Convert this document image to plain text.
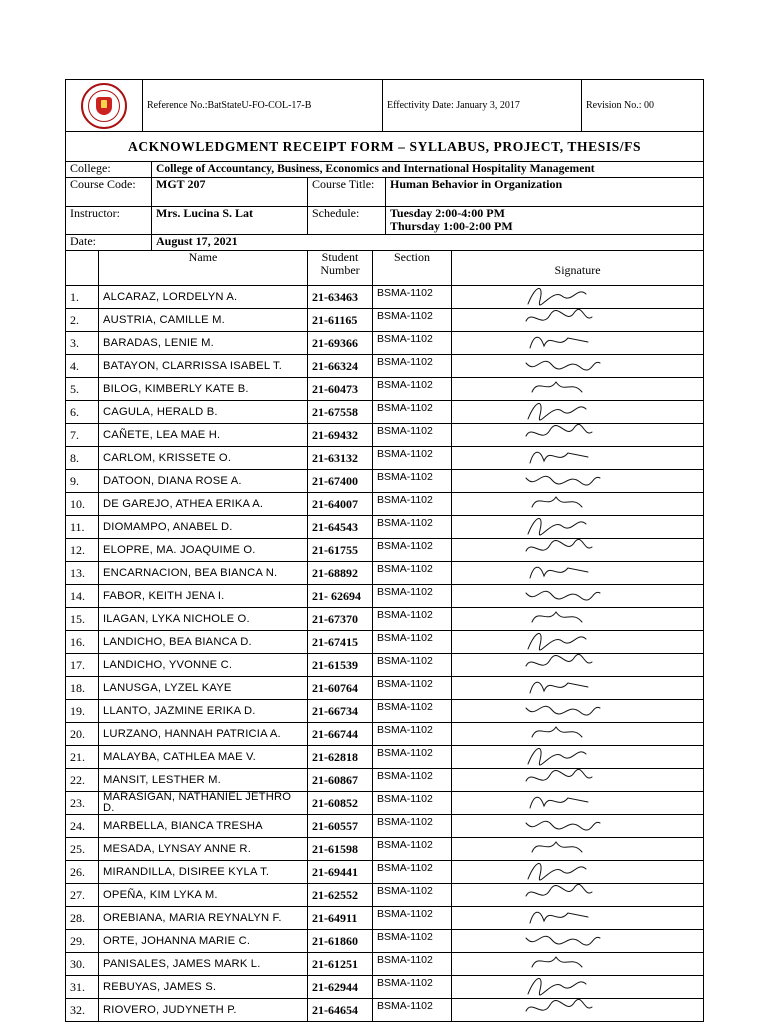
	Reference No.:BatStateU-FO-COL-17-B	Effectivity Date: January 3, 2017	Revision No.: 00
ACKNOWLEDGMENT RECEIPT FORM – SYLLABUS, PROJECT, THESIS/FS						
College:		College of Accountancy, Business, Economics and International Hospitality Management				
Course Code:		MGT 207	Course Title:		Human Behavior in Organization	
Instructor:		Mrs. Lucina S. Lat	Schedule:		Tuesday 2:00-4:00 PM
Thursday 1:00-2:00 PM	

Date:		August 17, 2021				
	Name		Student Number	Section		Signature
1.	ALCARAZ, LORDELYN A.		21-63463	BSMA-1102	

2.	AUSTRIA, CAMILLE M.		21-61165	BSMA-1102	

3.	BARADAS, LENIE M.		21-69366	BSMA-1102	

4.	BATAYON, CLARRISSA ISABEL T.		21-66324	BSMA-1102	

5.	BILOG, KIMBERLY KATE B.		21-60473	BSMA-1102	

6.	CAGULA, HERALD B.		21-67558	BSMA-1102	

7.	CAÑETE, LEA MAE H.		21-69432	BSMA-1102	

8.	CARLOM, KRISSETE O.		21-63132	BSMA-1102	

9.	DATOON, DIANA ROSE A.		21-67400	BSMA-1102	

10.	DE GAREJO, ATHEA ERIKA A.		21-64007	BSMA-1102	

11.	DIOMAMPO, ANABEL D.		21-64543	BSMA-1102	

12.	ELOPRE, MA. JOAQUIME O.		21-61755	BSMA-1102	

13.	ENCARNACION, BEA BIANCA N.		21-68892	BSMA-1102	

14.	FABOR, KEITH JENA I.		21- 62694	BSMA-1102	

15.	ILAGAN, LYKA NICHOLE O.		21-67370	BSMA-1102	

16.	LANDICHO, BEA BIANCA D.		21-67415	BSMA-1102	

17.	LANDICHO, YVONNE C.		21-61539	BSMA-1102	

18.	LANUSGA, LYZEL KAYE		21-60764	BSMA-1102	

19.	LLANTO, JAZMINE ERIKA D.		21-66734	BSMA-1102	

20.	LURZANO, HANNAH PATRICIA A.		21-66744	BSMA-1102	

21.	MALAYBA, CATHLEA MAE V.		21-62818	BSMA-1102	

22.	MANSIT, LESTHER M.		21-60867	BSMA-1102	

23.	MARASIGAN, NATHANIEL JETHRO D.		21-60852	BSMA-1102	

24.	MARBELLA, BIANCA TRESHA		21-60557	BSMA-1102	

25.	MESADA, LYNSAY ANNE R.		21-61598	BSMA-1102	

26.	MIRANDILLA, DISIREE KYLA T.		21-69441	BSMA-1102	

27.	OPEÑA, KIM LYKA M.		21-62552	BSMA-1102	

28.	OREBIANA, MARIA REYNALYN F.		21-64911	BSMA-1102	

29.	ORTE, JOHANNA MARIE C.		21-61860	BSMA-1102	

30.	PANISALES, JAMES MARK L.		21-61251	BSMA-1102	

31.	REBUYAS, JAMES S.		21-62944	BSMA-1102	

32.	RIOVERO, JUDYNETH P.		21-64654	BSMA-1102	
